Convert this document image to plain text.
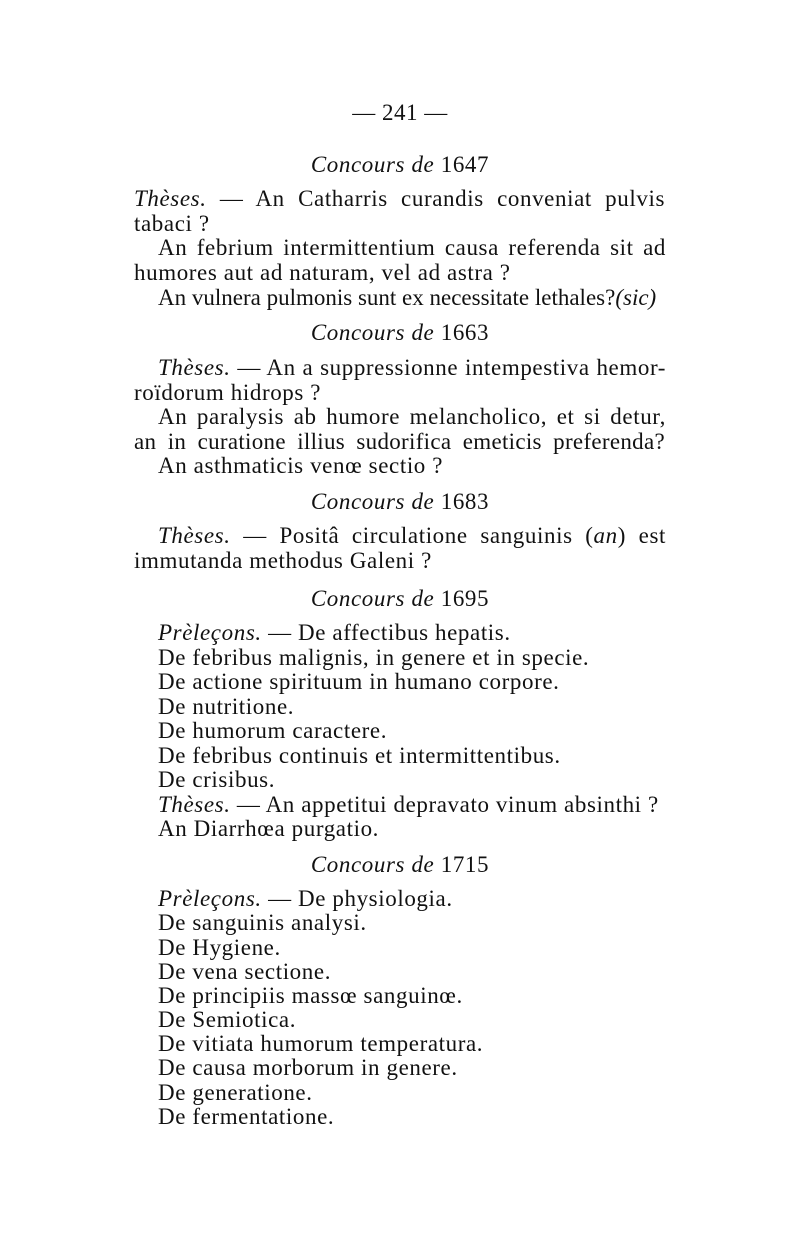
— 241 —
Concours de 1647
Thèses. — An Catharris curandis conveniat pulvis
tabaci ?
An febrium intermittentium causa referenda sit ad
humores aut ad naturam, vel ad astra ?
An vulnera pulmonis sunt ex necessitate lethales?(sic)
Concours de 1663
Thèses. — An a suppressionne intempestiva hemor-
roïdorum hidrops ?
An paralysis ab humore melancholico, et si detur,
an in curatione illius sudorifica emeticis preferenda?
An asthmaticis venœ sectio ?
Concours de 1683
Thèses. — Positâ circulatione sanguinis (an) est
immutanda methodus Galeni ?
Concours de 1695
Prèleçons. — De affectibus hepatis.
De febribus malignis, in genere et in specie.
De actione spirituum in humano corpore.
De nutritione.
De humorum caractere.
De febribus continuis et intermittentibus.
De crisibus.
Thèses. — An appetitui depravato vinum absinthi ?
An Diarrhœa purgatio.
Concours de 1715
Prèleçons. — De physiologia.
De sanguinis analysi.
De Hygiene.
De vena sectione.
De principiis massœ sanguinœ.
De Semiotica.
De vitiata humorum temperatura.
De causa morborum in genere.
De generatione.
De fermentatione.
